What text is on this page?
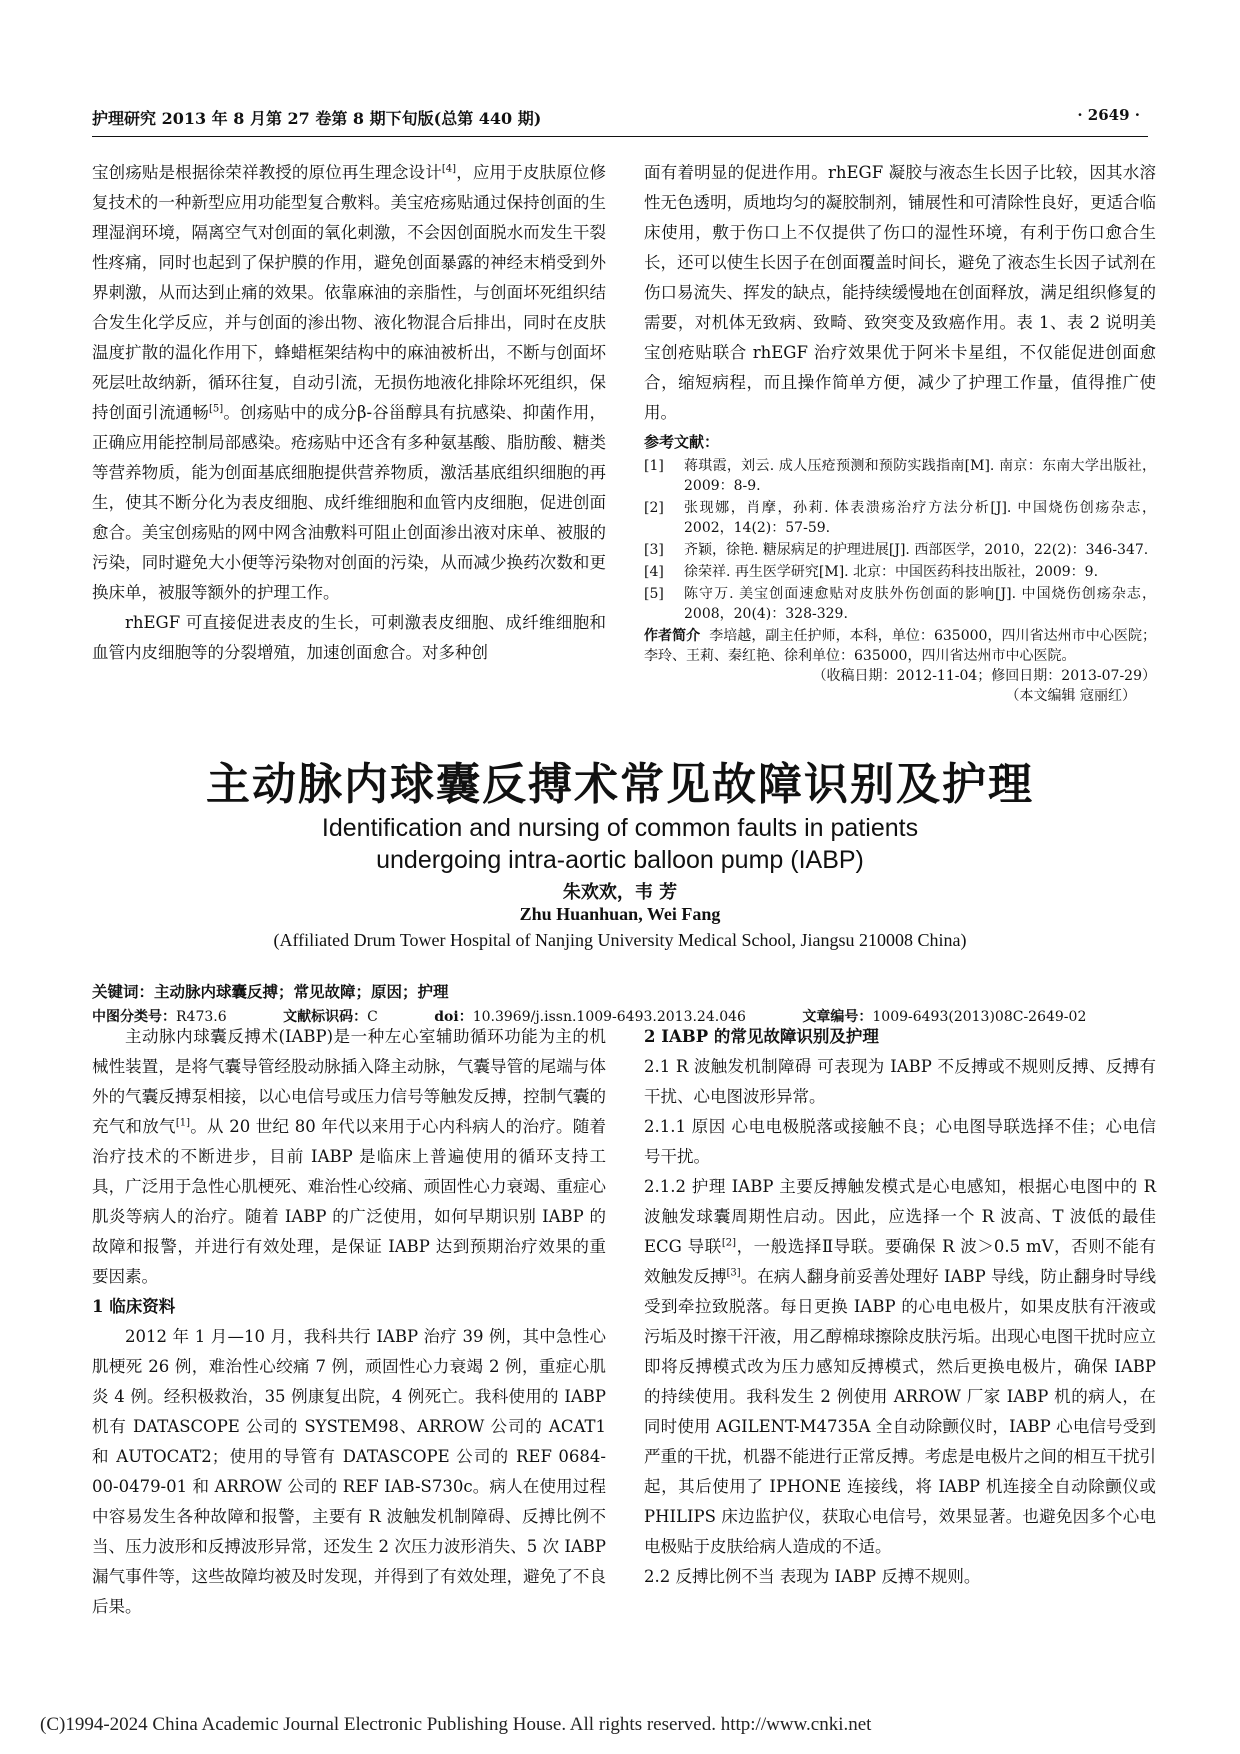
护理研究 2013 年 8 月第 27 卷第 8 期下旬版(总第 440 期)	· 2649 ·

宝创疡贴是根据徐荣祥教授的原位再生理念设计[4]，应用于皮肤原位修复技术的一种新型应用功能型复合敷料。美宝疮疡贴通过保持创面的生理湿润环境，隔离空气对创面的氧化刺激，不会因创面脱水而发生干裂性疼痛，同时也起到了保护膜的作用，避免创面暴露的神经末梢受到外界刺激，从而达到止痛的效果。依靠麻油的亲脂性，与创面坏死组织结合发生化学反应，并与创面的渗出物、液化物混合后排出，同时在皮肤温度扩散的温化作用下，蜂蜡框架结构中的麻油被析出，不断与创面坏死层吐故纳新，循环往复，自动引流，无损伤地液化排除坏死组织，保持创面引流通畅[5]。创疡贴中的成分β-谷甾醇具有抗感染、抑菌作用，正确应用能控制局部感染。疮疡贴中还含有多种氨基酸、脂肪酸、糖类等营养物质，能为创面基底细胞提供营养物质，激活基底组织细胞的再生，使其不断分化为表皮细胞、成纤维细胞和血管内皮细胞，促进创面愈合。美宝创疡贴的网中网含油敷料可阻止创面渗出液对床单、被服的污染，同时避免大小便等污染物对创面的污染，从而减少换药次数和更换床单，被服等额外的护理工作。

rhEGF 可直接促进表皮的生长，可刺激表皮细胞、成纤维细胞和血管内皮细胞等的分裂增殖，加速创面愈合。对多种创

面有着明显的促进作用。rhEGF 凝胶与液态生长因子比较，因其水溶性无色透明，质地均匀的凝胶制剂，铺展性和可清除性良好，更适合临床使用，敷于伤口上不仅提供了伤口的湿性环境，有利于伤口愈合生长，还可以使生长因子在创面覆盖时间长，避免了液态生长因子试剂在伤口易流失、挥发的缺点，能持续缓慢地在创面释放，满足组织修复的需要，对机体无致病、致畸、致突变及致癌作用。表 1、表 2 说明美宝创疮贴联合 rhEGF 治疗效果优于阿米卡星组，不仅能促进创面愈合，缩短病程，而且操作简单方便，减少了护理工作量，值得推广使用。

参考文献：
[1] 蒋琪霞，刘云. 成人压疮预测和预防实践指南[M]. 南京：东南大学出版社，2009：8-9.
[2] 张现娜，肖摩，孙莉. 体表溃疡治疗方法分析[J]. 中国烧伤创疡杂志，2002，14(2)：57-59.
[3] 齐颖，徐艳. 糖尿病足的护理进展[J]. 西部医学，2010，22(2)：346-347.
[4] 徐荣祥. 再生医学研究[M]. 北京：中国医药科技出版社，2009：9.
[5] 陈守万. 美宝创面速愈贴对皮肤外伤创面的影响[J]. 中国烧伤创疡杂志，2008，20(4)：328-329.
作者简介 李培越，副主任护师，本科，单位：635000，四川省达州市中心医院；李玲、王莉、秦红艳、徐利单位：635000，四川省达州市中心医院。
（收稿日期：2012-11-04；修回日期：2013-07-29）
（本文编辑 寇丽红）
主动脉内球囊反搏术常见故障识别及护理
Identification and nursing of common faults in patients
undergoing intra-aortic balloon pump (IABP)
朱欢欢，韦 芳
Zhu Huanhuan, Wei Fang
(Affiliated Drum Tower Hospital of Nanjing University Medical School, Jiangsu 210008 China)
关键词：主动脉内球囊反搏；常见故障；原因；护理
中图分类号：R473.6	文献标识码：C	doi：10.3969/j.issn.1009-6493.2013.24.046	文章编号：1009-6493(2013)08C-2649-02

主动脉内球囊反搏术(IABP)是一种左心室辅助循环功能为主的机械性装置，是将气囊导管经股动脉插入降主动脉，气囊导管的尾端与体外的气囊反搏泵相接，以心电信号或压力信号等触发反搏，控制气囊的充气和放气[1]。从 20 世纪 80 年代以来用于心内科病人的治疗。随着治疗技术的不断进步，目前 IABP 是临床上普遍使用的循环支持工具，广泛用于急性心肌梗死、难治性心绞痛、顽固性心力衰竭、重症心肌炎等病人的治疗。随着 IABP 的广泛使用，如何早期识别 IABP 的故障和报警，并进行有效处理，是保证 IABP 达到预期治疗效果的重要因素。

1 临床资料

2012 年 1 月—10 月，我科共行 IABP 治疗 39 例，其中急性心肌梗死 26 例，难治性心绞痛 7 例，顽固性心力衰竭 2 例，重症心肌炎 4 例。经积极救治，35 例康复出院，4 例死亡。我科使用的 IABP 机有 DATASCOPE 公司的 SYSTEM98、ARROW 公司的 ACAT1 和 AUTOCAT2；使用的导管有 DATASCOPE 公司的 REF 0684-00-0479-01 和 ARROW 公司的 REF IAB-S730c。病人在使用过程中容易发生各种故障和报警，主要有 R 波触发机制障碍、反搏比例不当、压力波形和反搏波形异常，还发生 2 次压力波形消失、5 次 IABP 漏气事件等，这些故障均被及时发现，并得到了有效处理，避免了不良后果。

2 IABP 的常见故障识别及护理

2.1 R 波触发机制障碍 可表现为 IABP 不反搏或不规则反搏、反搏有干扰、心电图波形异常。

2.1.1 原因 心电电极脱落或接触不良；心电图导联选择不佳；心电信号干扰。

2.1.2 护理 IABP 主要反搏触发模式是心电感知，根据心电图中的 R 波触发球囊周期性启动。因此，应选择一个 R 波高、T 波低的最佳 ECG 导联[2]，一般选择Ⅱ导联。要确保 R 波＞0.5 mV，否则不能有效触发反搏[3]。在病人翻身前妥善处理好 IABP 导线，防止翻身时导线受到牵拉致脱落。每日更换 IABP 的心电电极片，如果皮肤有汗液或污垢及时擦干汗液，用乙醇棉球擦除皮肤污垢。出现心电图干扰时应立即将反搏模式改为压力感知反搏模式，然后更换电极片，确保 IABP 的持续使用。我科发生 2 例使用 ARROW 厂家 IABP 机的病人，在同时使用 AGILENT-M4735A 全自动除颤仪时，IABP 心电信号受到严重的干扰，机器不能进行正常反搏。考虑是电极片之间的相互干扰引起，其后使用了 IPHONE 连接线，将 IABP 机连接全自动除颤仪或 PHILIPS 床边监护仪，获取心电信号，效果显著。也避免因多个心电电极贴于皮肤给病人造成的不适。

2.2 反搏比例不当 表现为 IABP 反搏不规则。

(C)1994-2024 China Academic Journal Electronic Publishing House. All rights reserved. http://www.cnki.net
